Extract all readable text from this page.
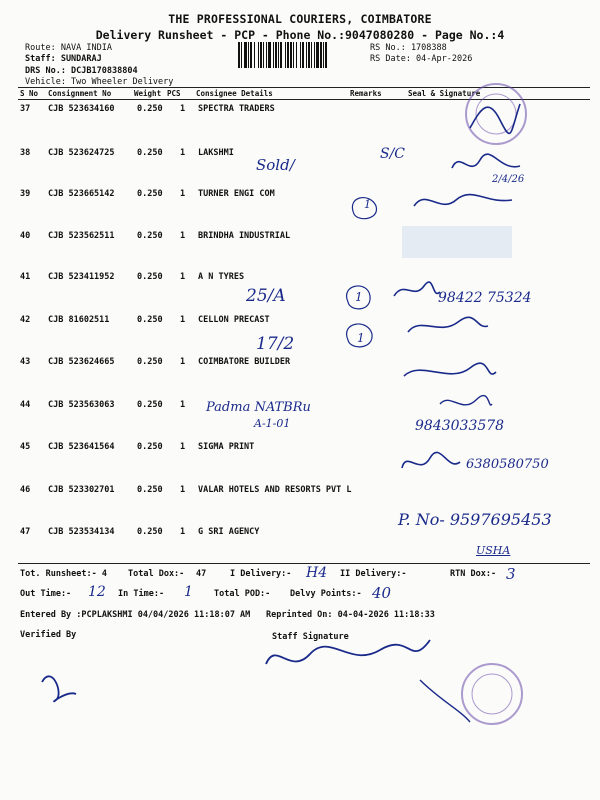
THE PROFESSIONAL COURIERS, COIMBATORE
Delivery Runsheet - PCP - Phone No.:9047080280 - Page No.:4
Route: NAVA INDIA
Staff: SUNDARAJ
DRS No.: DCJB170838804
Vehicle: Two Wheeler Delivery
RS No.: 1708388
RS Date: 04-Apr-2026
S No Consignment No	Weight PCS Consignee Details	Remarks	Seal & Signature
37 CJB 523634160	0.250 1 SPECTRA TRADERS
38 CJB 523624725	0.250 1 LAKSHMI
39 CJB 523665142	0.250 1 TURNER ENGI COM
40 CJB 523562511	0.250 1 BRINDHA INDUSTRIAL
41 CJB 523411952	0.250 1 A N TYRES
42 CJB 81602511	0.250 1 CELLON PRECAST
43 CJB 523624665	0.250 1 COIMBATORE BUILDER
44 CJB 523563063	0.250 1
45 CJB 523641564	0.250 1 SIGMA PRINT
46 CJB 523302701	0.250 1 VALAR HOTELS AND RESORTS PVT L
47 CJB 523534134	0.250 1 G SRI AGENCY
Tot. Runsheet:- 4 Total Dox:- 47	I Delivery:-	II Delivery:-	RTN Dox:-
Out Time:-	In Time:-	Total POD:- Delvy Points:-
Entered By :PCPLAKSHMI 04/04/2026 11:18:07 AM Reprinted On: 04-04-2026 11:18:33
Verified By	Staff Signature
Sold/
S/C
2/4/26
1
25/A	1	98422 75324
17/2	1
Padma NATBRu
A-1-01	9843033578
6380580750
P. No- 9597695453
USHA
H4
12	1
3
40
